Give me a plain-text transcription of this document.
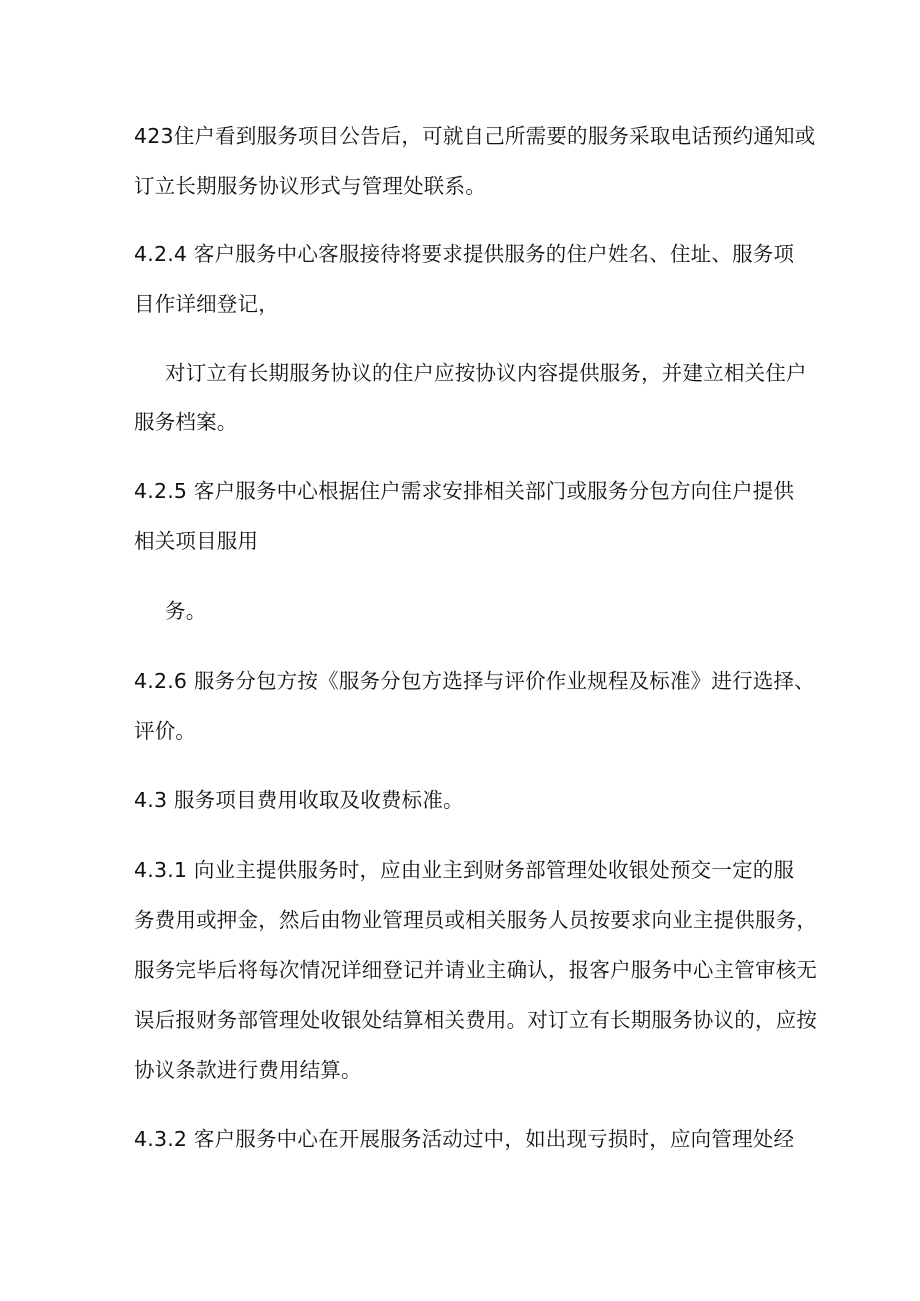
423住户看到服务项目公告后，可就自己所需要的服务采取电话预约通知或
订立长期服务协议形式与管理处联系。
4.2.4 客户服务中心客服接待将要求提供服务的住户姓名、住址、服务项
目作详细登记，
对订立有长期服务协议的住户应按协议内容提供服务，并建立相关住户
服务档案。
4.2.5 客户服务中心根据住户需求安排相关部门或服务分包方向住户提供
相关项目服用
务。
4.2.6 服务分包方按《服务分包方选择与评价作业规程及标准》进行选择、
评价。
4.3 服务项目费用收取及收费标准。
4.3.1 向业主提供服务时，应由业主到财务部管理处收银处预交一定的服
务费用或押金，然后由物业管理员或相关服务人员按要求向业主提供服务，
服务完毕后将每次情况详细登记并请业主确认，报客户服务中心主管审核无
误后报财务部管理处收银处结算相关费用。对订立有长期服务协议的，应按
协议条款进行费用结算。
4.3.2 客户服务中心在开展服务活动过中，如出现亏损时，应向管理处经
